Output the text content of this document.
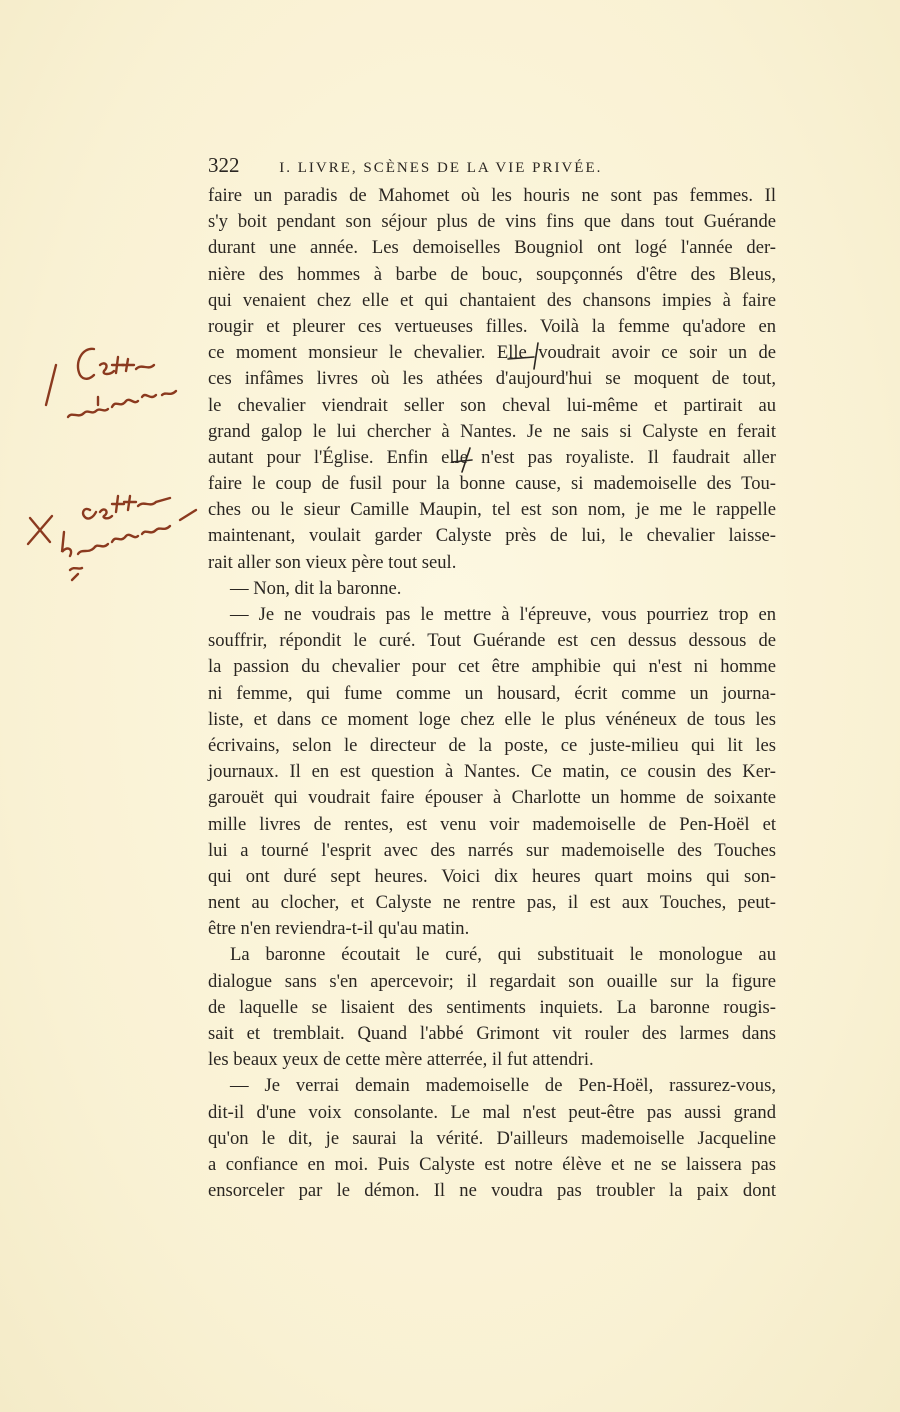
322	I. LIVRE, SCÈNES DE LA VIE PRIVÉE.
faire un paradis de Mahomet où les houris ne sont pas femmes. Il
s'y boit pendant son séjour plus de vins fins que dans tout Guérande
durant une année. Les demoiselles Bougniol ont logé l'année der-
nière des hommes à barbe de bouc, soupçonnés d'être des Bleus,
qui venaient chez elle et qui chantaient des chansons impies à faire
rougir et pleurer ces vertueuses filles. Voilà la femme qu'adore en
ce moment monsieur le chevalier. Elle voudrait avoir ce soir un de
ces infâmes livres où les athées d'aujourd'hui se moquent de tout,
le chevalier viendrait seller son cheval lui-même et partirait au
grand galop le lui chercher à Nantes. Je ne sais si Calyste en ferait
autant pour l'Église. Enfin elle n'est pas royaliste. Il faudrait aller
faire le coup de fusil pour la bonne cause, si mademoiselle des Tou-
ches ou le sieur Camille Maupin, tel est son nom, je me le rappelle
maintenant, voulait garder Calyste près de lui, le chevalier laisse-
rait aller son vieux père tout seul.
— Non, dit la baronne.
— Je ne voudrais pas le mettre à l'épreuve, vous pourriez trop en
souffrir, répondit le curé. Tout Guérande est cen dessus dessous de
la passion du chevalier pour cet être amphibie qui n'est ni homme
ni femme, qui fume comme un housard, écrit comme un journa-
liste, et dans ce moment loge chez elle le plus vénéneux de tous les
écrivains, selon le directeur de la poste, ce juste-milieu qui lit les
journaux. Il en est question à Nantes. Ce matin, ce cousin des Ker-
garouët qui voudrait faire épouser à Charlotte un homme de soixante
mille livres de rentes, est venu voir mademoiselle de Pen-Hoël et
lui a tourné l'esprit avec des narrés sur mademoiselle des Touches
qui ont duré sept heures. Voici dix heures quart moins qui son-
nent au clocher, et Calyste ne rentre pas, il est aux Touches, peut-
être n'en reviendra-t-il qu'au matin.
La baronne écoutait le curé, qui substituait le monologue au
dialogue sans s'en apercevoir; il regardait son ouaille sur la figure
de laquelle se lisaient des sentiments inquiets. La baronne rougis-
sait et tremblait. Quand l'abbé Grimont vit rouler des larmes dans
les beaux yeux de cette mère atterrée, il fut attendri.
— Je verrai demain mademoiselle de Pen-Hoël, rassurez-vous,
dit-il d'une voix consolante. Le mal n'est peut-être pas aussi grand
qu'on le dit, je saurai la vérité. D'ailleurs mademoiselle Jacqueline
a confiance en moi. Puis Calyste est notre élève et ne se laissera pas
ensorceler par le démon. Il ne voudra pas troubler la paix dont
